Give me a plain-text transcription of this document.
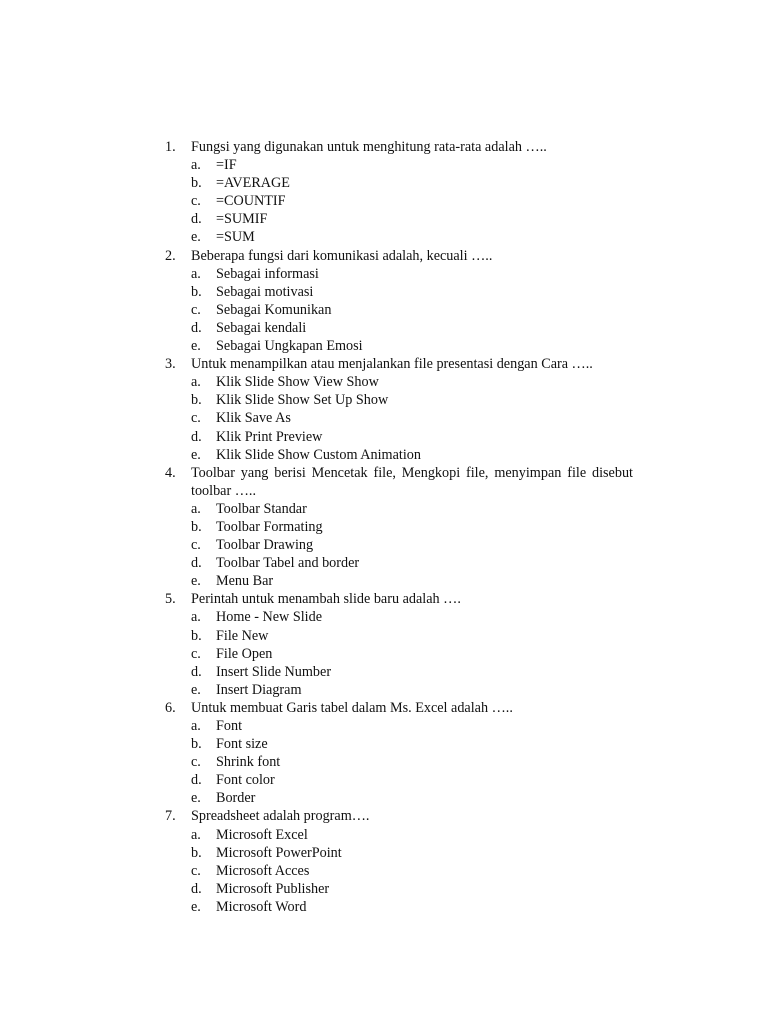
1.	Fungsi yang digunakan untuk menghitung rata-rata adalah …..
a.	=IF
b.	=AVERAGE
c.	=COUNTIF
d.	=SUMIF
e.	=SUM
2.	Beberapa fungsi dari komunikasi adalah, kecuali …..
a.	Sebagai informasi
b.	Sebagai motivasi
c.	Sebagai Komunikan
d.	Sebagai kendali
e.	Sebagai Ungkapan Emosi
3.	Untuk menampilkan atau menjalankan file presentasi dengan Cara …..
a.	Klik Slide Show View Show
b.	Klik Slide Show Set Up Show
c.	Klik Save As
d.	Klik Print Preview
e.	Klik Slide Show Custom Animation
4.	Toolbar yang berisi Mencetak file, Mengkopi file, menyimpan file disebut toolbar …..
a.	Toolbar Standar
b.	Toolbar Formating
c.	Toolbar Drawing
d.	Toolbar Tabel and border
e.	Menu Bar
5.	Perintah untuk menambah slide baru adalah ….
a.	Home - New Slide
b.	File New
c.	File Open
d.	Insert Slide Number
e.	Insert Diagram
6.	Untuk membuat Garis tabel dalam Ms. Excel adalah …..
a.	Font
b.	Font size
c.	Shrink font
d.	Font color
e.	Border
7.	Spreadsheet adalah program….
a.	Microsoft Excel
b.	Microsoft PowerPoint
c.	Microsoft Acces
d.	Microsoft Publisher
e.	Microsoft Word
